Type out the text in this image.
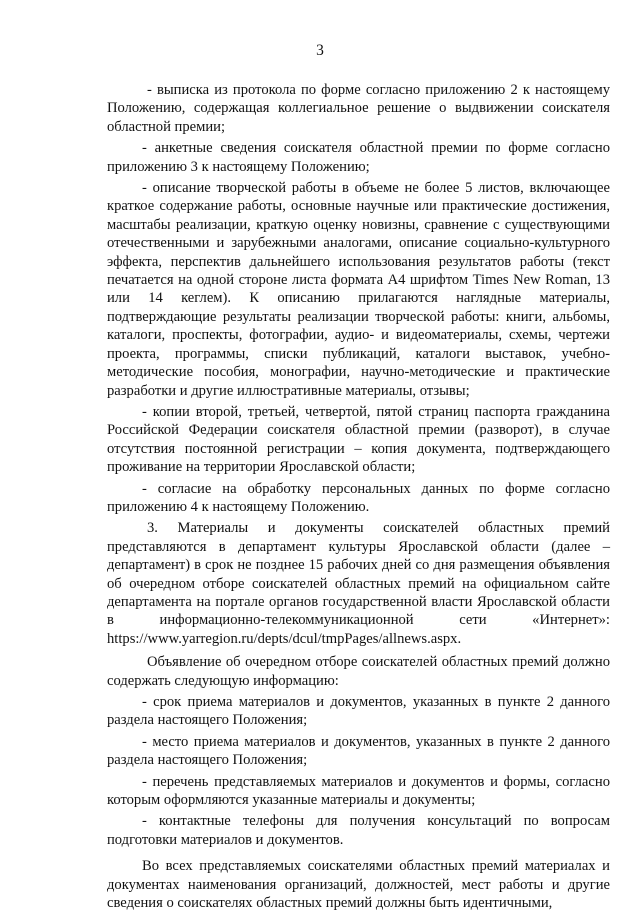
3

- выписка из протокола по форме согласно приложению 2 к настоящему Положению, содержащая коллегиальное решение о выдвижении соискателя областной премии;

- анкетные сведения соискателя областной премии по форме согласно приложению 3 к настоящему Положению;

- описание творческой работы в объеме не более 5 листов, включающее краткое содержание работы, основные научные или практические достижения, масштабы реализации, краткую оценку новизны, сравнение с существующими отечественными и зарубежными аналогами, описание социально-культурного эффекта, перспектив дальнейшего использования результатов работы (текст печатается на одной стороне листа формата А4 шрифтом Times New Roman, 13 или 14 кеглем). К описанию прилагаются наглядные материалы, подтверждающие результаты реализации творческой работы: книги, альбомы, каталоги, проспекты, фотографии, аудио- и видеоматериалы, схемы, чертежи проекта, программы, списки публикаций, каталоги выставок, учебно-методические пособия, монографии, научно-методические и практические разработки и другие иллюстративные материалы, отзывы;

- копии второй, третьей, четвертой, пятой страниц паспорта гражданина Российской Федерации соискателя областной премии (разворот), в случае отсутствия постоянной регистрации – копия документа, подтверждающего проживание на территории Ярославской области;

- согласие на обработку персональных данных по форме согласно приложению 4 к настоящему Положению.

3. Материалы и документы соискателей областных премий представляются в департамент культуры Ярославской области (далее – департамент) в срок не позднее 15 рабочих дней со дня размещения объявления об очередном отборе соискателей областных премий на официальном сайте департамента на портале органов государственной власти Ярославской области в информационно-телекоммуникационной сети «Интернет»: https://www.yarregion.ru/depts/dcul/tmpPages/allnews.aspx.

Объявление об очередном отборе соискателей областных премий должно содержать следующую информацию:

- срок приема материалов и документов, указанных в пункте 2 данного раздела настоящего Положения;

- место приема материалов и документов, указанных в пункте 2 данного раздела настоящего Положения;

- перечень представляемых материалов и документов и формы, согласно которым оформляются указанные материалы и документы;

- контактные телефоны для получения консультаций по вопросам подготовки материалов и документов.

Во всех представляемых соискателями областных премий материалах и документах наименования организаций, должностей, мест работы и другие сведения о соискателях областных премий должны быть идентичными,
